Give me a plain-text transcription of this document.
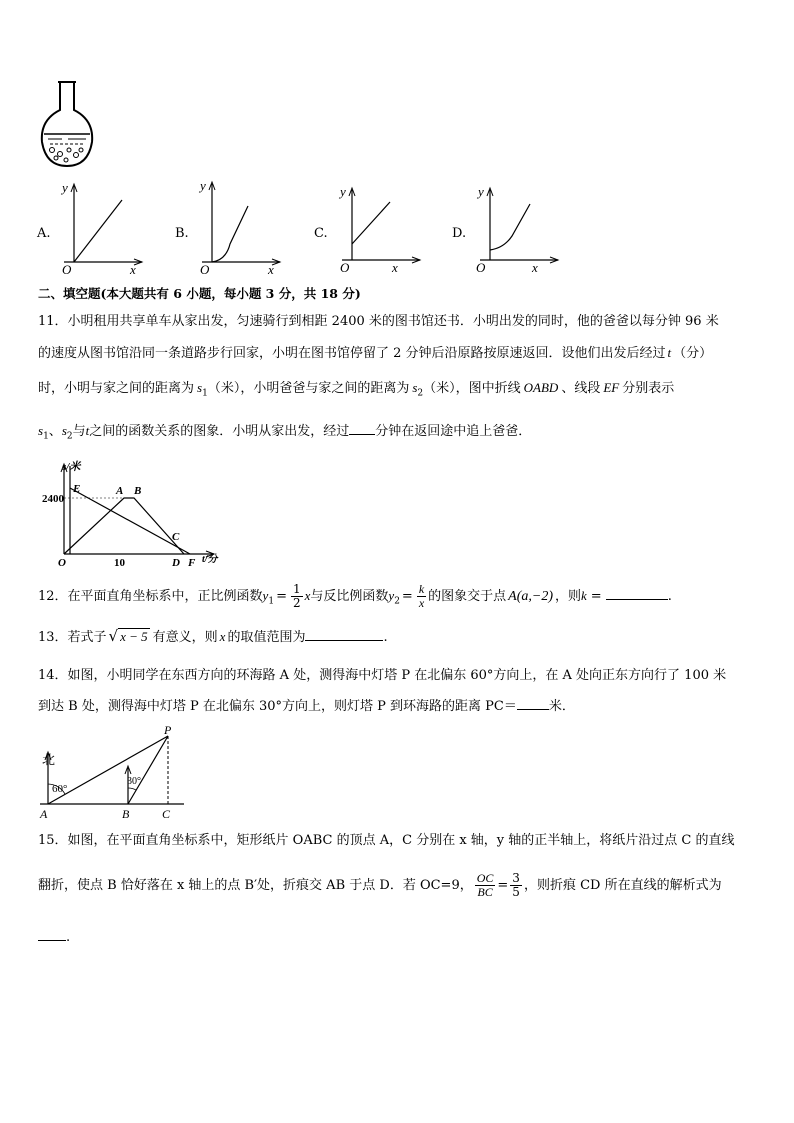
A.
y
x
O
B.
y
x
O
C.
y
x
O
D.
y
x
O
二、填空题(本大题共有 6 小题，每小题 3 分，共 18 分)
11．小明租用共享单车从家出发，匀速骑行到相距 2400 米的图书馆还书．小明出发的同时，他的爸爸以每分钟 96 米
的速度从图书馆沿同一条道路步行回家，小明在图书馆停留了 2 分钟后沿原路按原速返回．设他们出发后经过 t （分）
时，小明与家之间的距离为 $s_1$（米），小明爸爸与家之间的距离为 $s_2$（米），图中折线 OABD 、线段 EF 分别表示
$s_1$、$s_2$与t之间的函数关系的图象．小明从家出发，经过 分钟在返回途中追上爸爸．
s/米
2400
E	A B
C
O	10	D F t/分
12．在平面直角坐标系中，正比例函数$y_1 = \frac{1}{2}$ x与反比例函数$y_2 = \frac{k}{x}$ 的图象交于点 A(a,−2) ，则k =	.
13．若式子 √ x − 5 有意义，则 x 的取值范围为	.
14．如图，小明同学在东西方向的环海路 A 处，测得海中灯塔 P 在北偏东 60°方向上，在 A 处向正东方向行了 100 米
到达 B 处，测得海中灯塔 P 在北偏东 30°方向上，则灯塔 P 到环海路的距离 PC＝ 米．
北
60°
30°
P
A	B	C
15．如图，在平面直角坐标系中，矩形纸片 OABC 的顶点 A，C 分别在 x 轴，y 轴的正半轴上，将纸片沿过点 C 的直线
翻折，使点 B 恰好落在 x 轴上的点 B′处，折痕交 AB 于点 D．若 OC=9， $\frac{OC}{BC} = \frac{3}{5}$ ，则折痕 CD 所在直线的解析式为
.
